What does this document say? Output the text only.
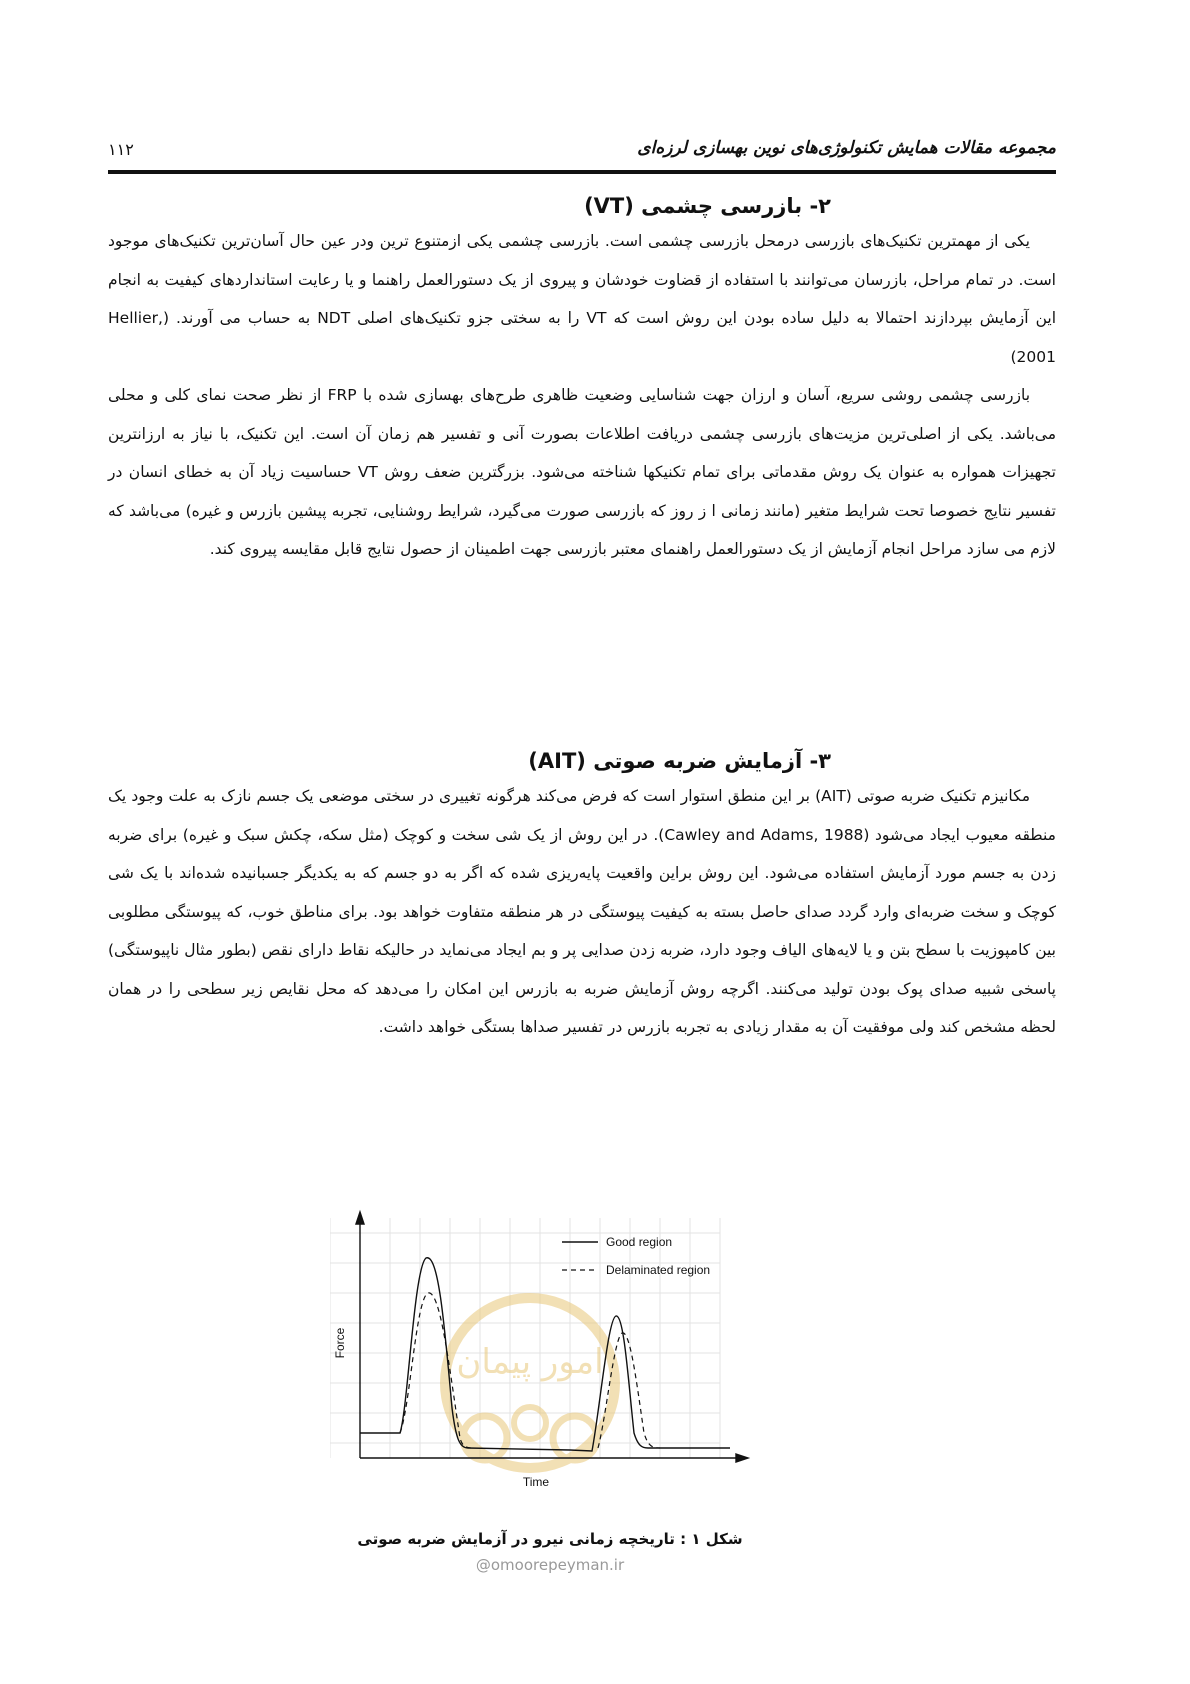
مجموعه مقالات همایش تکنولوژی‌های نوین بهسازی لرزه‌ای
۱۱۲
۲- بازرسی چشمی (VT)

یکی از مهمترین تکنیک‌های بازرسی درمحل بازرسی چشمی است. بازرسی چشمی یکی ازمتنوع ترین ودر عین حال آسان‌ترین تکنیک‌های موجود است. در تمام مراحل، بازرسان می‌توانند با استفاده از قضاوت خودشان و پیروی از یک دستورالعمل راهنما و یا رعایت استانداردهای کیفیت به انجام این آزمایش بپردازند احتمالا به دلیل ساده بودن این روش است که VT را به سختی جزو تکنیک‌های اصلی NDT به حساب می آورند. (Hellier, 2001)

بازرسی چشمی روشی سریع، آسان و ارزان جهت شناسایی وضعیت ظاهری طرح‌های بهسازی شده با FRP از نظر صحت نمای کلی و محلی می‌باشد. یکی از اصلی‌ترین مزیت‌های بازرسی چشمی دریافت اطلاعات بصورت آنی و تفسیر هم زمان آن است. این تکنیک، با نیاز به ارزانترین تجهیزات همواره به عنوان یک روش مقدماتی برای تمام تکنیکها شناخته می‌شود. بزرگترین ضعف روش VT حساسیت زیاد آن به خطای انسان در تفسیر نتایج خصوصا تحت شرایط متغیر (مانند زمانی ا ز روز که بازرسی صورت می‌گیرد، شرایط روشنایی، تجربه پیشین بازرس و غیره) می‌باشد که لازم می سازد مراحل انجام آزمایش از یک دستورالعمل راهنمای معتبر بازرسی جهت اطمینان از حصول نتایج قابل مقایسه پیروی کند.

۳- آزمایش ضربه صوتی (AIT)

مکانیزم تکنیک ضربه صوتی (AIT) بر این منطق استوار است که فرض می‌کند هرگونه تغییری در سختی موضعی یک جسم نازک به علت وجود یک منطقه معیوب ایجاد می‌شود (Cawley and Adams, 1988). در این روش از یک شی سخت و کوچک (مثل سکه، چکش سبک و غیره) برای ضربه زدن به جسم مورد آزمایش استفاده می‌شود. این روش براین واقعیت پایه‌ریزی شده که اگر به دو جسم که به یکدیگر جسبانیده شده‌اند با یک شی کوچک و سخت ضربه‌ای وارد گردد صدای حاصل بسته به کیفیت پیوستگی در هر منطقه متفاوت خواهد بود. برای مناطق خوب، که پیوستگی مطلوبی بین کامپوزیت با سطح بتن و یا لایه‌های الیاف وجود دارد، ضربه زدن صدایی پر و بم ایجاد می‌نماید در حالیکه نقاط دارای نقص (بطور مثال ناپیوستگی) پاسخی شبیه صدای پوک بودن تولید می‌کنند. اگرچه روش آزمایش ضربه به بازرس این امکان را می‌دهد که محل نقایص زیر سطحی را در همان لحظه مشخص کند ولی موفقیت آن به مقدار زیادی به تجربه بازرس در تفسیر صداها بستگی خواهد داشت.

امور پیمان
Good region
Delaminated region
Force
Time
شکل ۱ : تاریخچه زمانی نیرو در آزمایش ضربه صوتی
@omoorepeyman.ir
